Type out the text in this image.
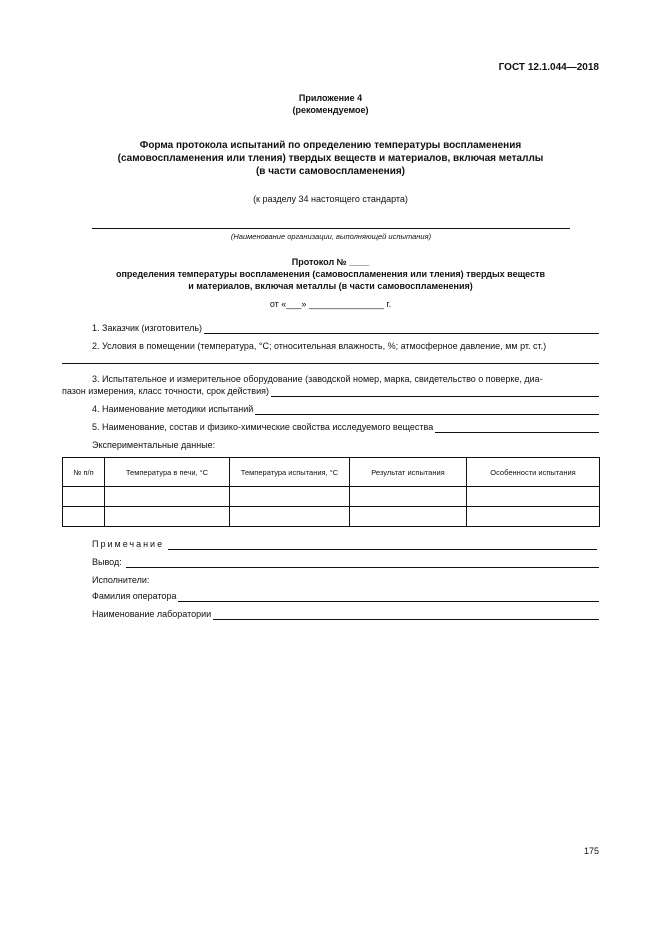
ГОСТ 12.1.044—2018
Приложение 4
(рекомендуемое)
Форма протокола испытаний по определению температуры воспламенения
(самовоспламенения или тления) твердых веществ и материалов, включая металлы
(в части самовоспламенения)
(к разделу 34 настоящего стандарта)
(Наименование организации, выполняющей испытания)
Протокол № ____
определения температуры воспламенения (самовоспламенения или тления) твердых веществ
и материалов, включая металлы (в части самовоспламенения)
от «___» _______________ г.
1. Заказчик (изготовитель)
2. Условия в помещении (температура, °С; относительная влажность, %; атмосферное давление, мм рт. ст.)
3. Испытательное и измерительное оборудование (заводской номер, марка, свидетельство о поверке, диа-
пазон измерения, класс точности, срок действия)
4. Наименование методики испытаний
5. Наименование, состав и физико-химические свойства исследуемого вещества
Экспериментальные данные:
№ п/п	Температура в печи, °С	Температура испытания, °С	Результат испытания	Особенности испытания

Примечание
Вывод:
Исполнители:
Фамилия оператора
Наименование лаборатории
175
